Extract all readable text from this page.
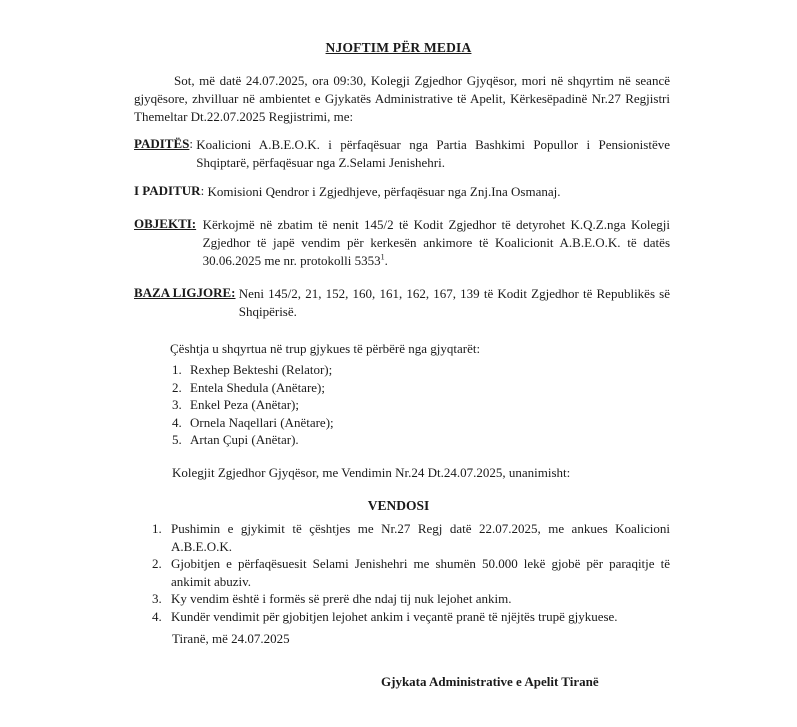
NJOFTIM PËR MEDIA

Sot, më datë 24.07.2025, ora 09:30, Kolegji Zgjedhor Gjyqësor, mori në shqyrtim në seancë gjyqësore, zhvilluar në ambientet e Gjykatës Administrative të Apelit, Kërkesëpadinë Nr.27 Regjistri Themeltar Dt.22.07.2025 Regjistrimi, me:

PADITËS: Koalicioni A.B.E.O.K. i përfaqësuar nga Partia Bashkimi Popullor i Pensionistëve Shqiptarë, përfaqësuar nga Z.Selami Jenishehri.
I PADITUR: Komisioni Qendror i Zgjedhjeve, përfaqësuar nga Znj.Ina Osmanaj.
OBJEKTI: Kërkojmë në zbatim të nenit 145/2 të Kodit Zgjedhor të detyrohet K.Q.Z.nga Kolegji Zgjedhor të japë vendim për kerkesën ankimore të Koalicionit A.B.E.O.K. të datës 30.06.2025 me nr. protokolli 5353$^1$.
BAZA LIGJORE: Neni 145/2, 21, 152, 160, 161, 162, 167, 139 të Kodit Zgjedhor të Republikës së Shqipërisë.

Çështja u shqyrtua në trup gjykues të përbërë nga gjyqtarët:

1. Rexhep Bekteshi (Relator);
2. Entela Shedula (Anëtare);
3. Enkel Peza (Anëtar);
4. Ornela Naqellari (Anëtare);
5. Artan Çupi (Anëtar).

Kolegjit Zgjedhor Gjyqësor, me Vendimin Nr.24 Dt.24.07.2025, unanimisht:

VENDOSI

1. Pushimin e gjykimit të çështjes me Nr.27 Regj datë 22.07.2025, me ankues Koalicioni A.B.E.O.K.
2. Gjobitjen e përfaqësuesit Selami Jenishehri me shumën 50.000 lekë gjobë për paraqitje të ankimit abuziv.
3. Ky vendim është i formës së prerë dhe ndaj tij nuk lejohet ankim.
4. Kundër vendimit për gjobitjen lejohet ankim i veçantë pranë të njëjtës trupë gjykuese.

Tiranë, më 24.07.2025

Gjykata Administrative e Apelit Tiranë
